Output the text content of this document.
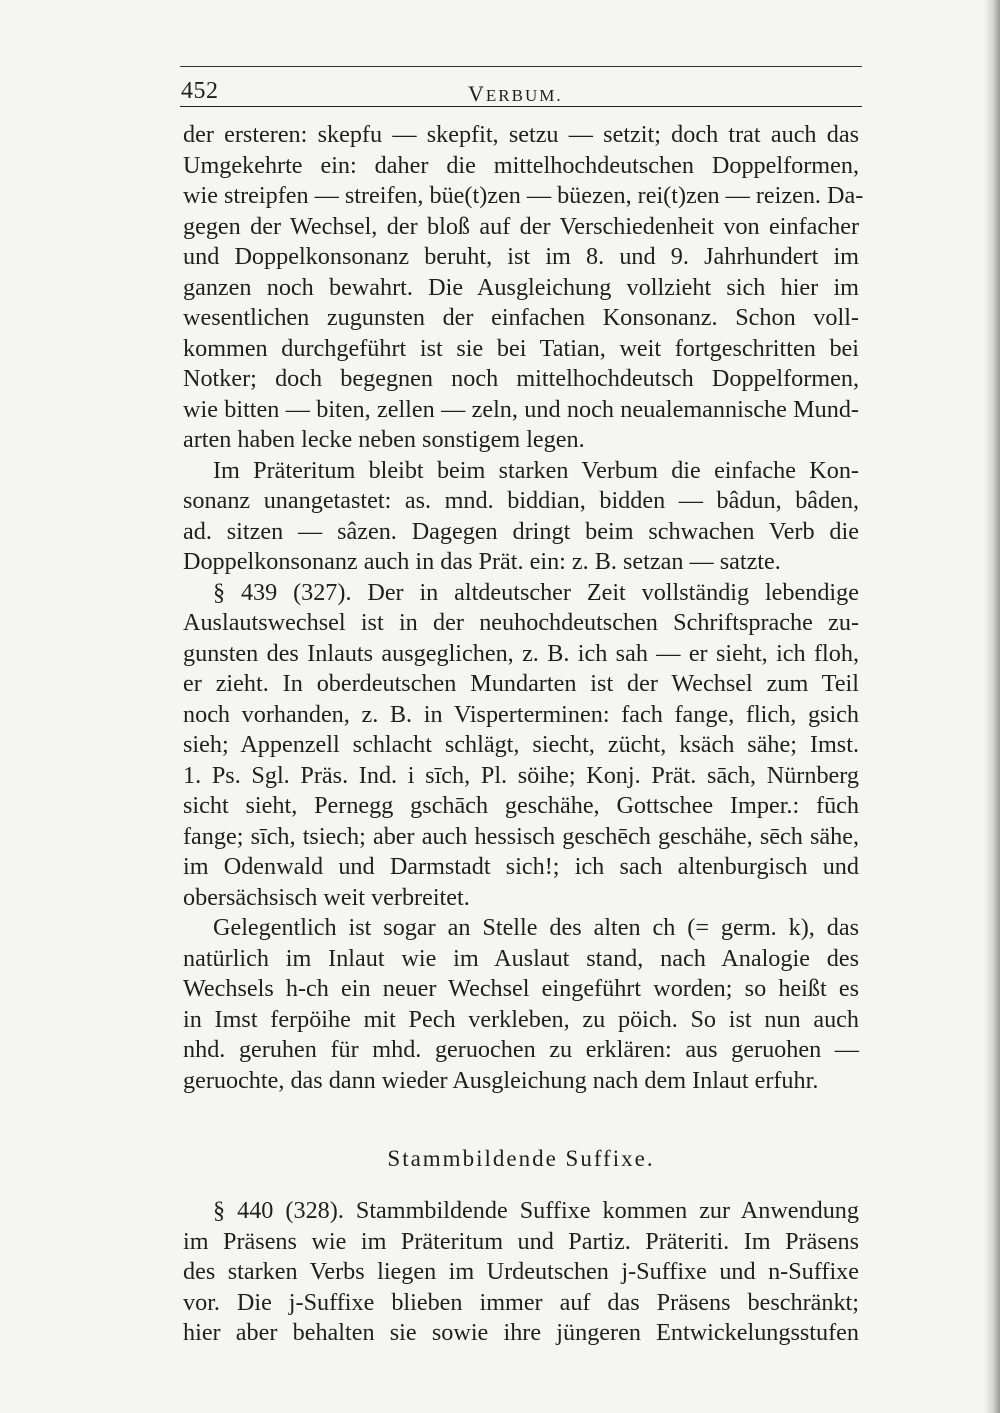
452	VERBUM.
der ersteren: skepfu — skepfit, setzu — setzit; doch trat auch das
Umgekehrte ein: daher die mittelhochdeutschen Doppelformen,
wie streipfen — streifen, büe(t)zen — büezen, rei(t)zen — reizen. Da-
gegen der Wechsel, der bloß auf der Verschiedenheit von einfacher
und Doppelkonsonanz beruht, ist im 8. und 9. Jahrhundert im
ganzen noch bewahrt. Die Ausgleichung vollzieht sich hier im
wesentlichen zugunsten der einfachen Konsonanz. Schon voll-
kommen durchgeführt ist sie bei Tatian, weit fortgeschritten bei
Notker; doch begegnen noch mittelhochdeutsch Doppelformen,
wie bitten — biten, zellen — zeln, und noch neualemannische Mund-
arten haben lecke neben sonstigem legen.
Im Präteritum bleibt beim starken Verbum die einfache Kon-
sonanz unangetastet: as. mnd. biddian, bidden — bâdun, bâden,
ad. sitzen — sâzen. Dagegen dringt beim schwachen Verb die
Doppelkonsonanz auch in das Prät. ein: z. B. setzan — satzte.
§ 439 (327). Der in altdeutscher Zeit vollständig lebendige
Auslautswechsel ist in der neuhochdeutschen Schriftsprache zu-
gunsten des Inlauts ausgeglichen, z. B. ich sah — er sieht, ich floh,
er zieht. In oberdeutschen Mundarten ist der Wechsel zum Teil
noch vorhanden, z. B. in Visperterminen: fach fange, flich, gsich
sieh; Appenzell schlacht schlägt, siecht, zücht, ksäch sähe; Imst.
1. Ps. Sgl. Präs. Ind. i sīch, Pl. söihe; Konj. Prät. sāch, Nürnberg
sicht sieht, Pernegg gschāch geschähe, Gottschee Imper.: fūch
fange; sīch, tsiech; aber auch hessisch geschēch geschähe, sēch sähe,
im Odenwald und Darmstadt sich!; ich sach altenburgisch und
obersächsisch weit verbreitet.
Gelegentlich ist sogar an Stelle des alten ch (= germ. k), das
natürlich im Inlaut wie im Auslaut stand, nach Analogie des
Wechsels h-ch ein neuer Wechsel eingeführt worden; so heißt es
in Imst ferpöihe mit Pech verkleben, zu pöich. So ist nun auch
nhd. geruhen für mhd. geruochen zu erklären: aus geruohen —
geruochte, das dann wieder Ausgleichung nach dem Inlaut erfuhr.
Stammbildende Suffixe.
§ 440 (328). Stammbildende Suffixe kommen zur Anwendung
im Präsens wie im Präteritum und Partiz. Präteriti. Im Präsens
des starken Verbs liegen im Urdeutschen j-Suffixe und n-Suffixe
vor. Die j-Suffixe blieben immer auf das Präsens beschränkt;
hier aber behalten sie sowie ihre jüngeren Entwickelungsstufen
